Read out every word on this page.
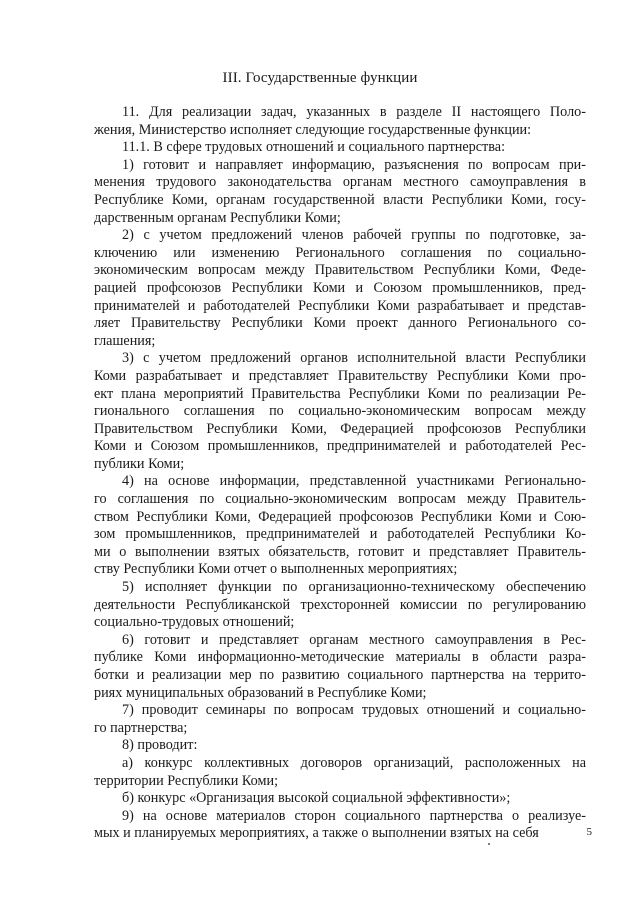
III. Государственные функции

11. Для реализации задач, указанных в разделе II настоящего Поло-
жения, Министерство исполняет следующие государственные функции:

11.1. В сфере трудовых отношений и социального партнерства:

1) готовит и направляет информацию, разъяснения по вопросам при-
менения трудового законодательства органам местного самоуправления в
Республике Коми, органам государственной власти Республики Коми, госу-
дарственным органам Республики Коми;

2) с учетом предложений членов рабочей группы по подготовке, за-
ключению или изменению Регионального соглашения по социально-
экономическим вопросам между Правительством Республики Коми, Феде-
рацией профсоюзов Республики Коми и Союзом промышленников, пред-
принимателей и работодателей Республики Коми разрабатывает и представ-
ляет Правительству Республики Коми проект данного Регионального со-
глашения;

3) с учетом предложений органов исполнительной власти Республики
Коми разрабатывает и представляет Правительству Республики Коми про-
ект плана мероприятий Правительства Республики Коми по реализации Ре-
гионального соглашения по социально-экономическим вопросам между
Правительством Республики Коми, Федерацией профсоюзов Республики
Коми и Союзом промышленников, предпринимателей и работодателей Рес-
публики Коми;

4) на основе информации, представленной участниками Регионально-
го соглашения по социально-экономическим вопросам между Правитель-
ством Республики Коми, Федерацией профсоюзов Республики Коми и Сою-
зом промышленников, предпринимателей и работодателей Республики Ко-
ми о выполнении взятых обязательств, готовит и представляет Правитель-
ству Республики Коми отчет о выполненных мероприятиях;

5) исполняет функции по организационно-техническому обеспечению
деятельности Республиканской трехсторонней комиссии по регулированию
социально-трудовых отношений;

6) готовит и представляет органам местного самоуправления в Рес-
публике Коми информационно-методические материалы в области разра-
ботки и реализации мер по развитию социального партнерства на террито-
риях муниципальных образований в Республике Коми;

7) проводит семинары по вопросам трудовых отношений и социально-
го партнерства;

8) проводит:

а) конкурс коллективных договоров организаций, расположенных на
территории Республики Коми;

б) конкурс «Организация высокой социальной эффективности»;

9) на основе материалов сторон социального партнерства о реализуе-
мых и планируемых мероприятиях, а также о выполнении взятых на себя	5
